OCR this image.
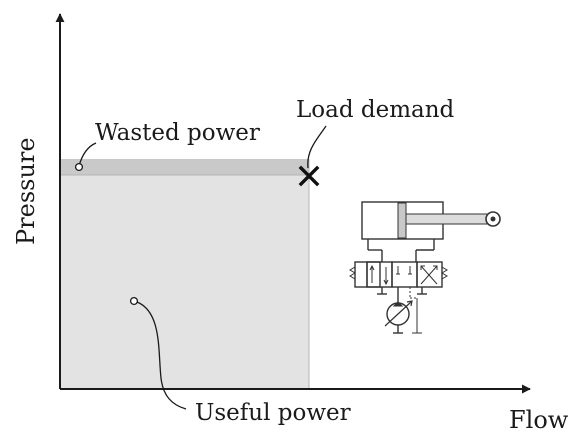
Flow
Pressure
Wasted power
Load demand
Useful power
